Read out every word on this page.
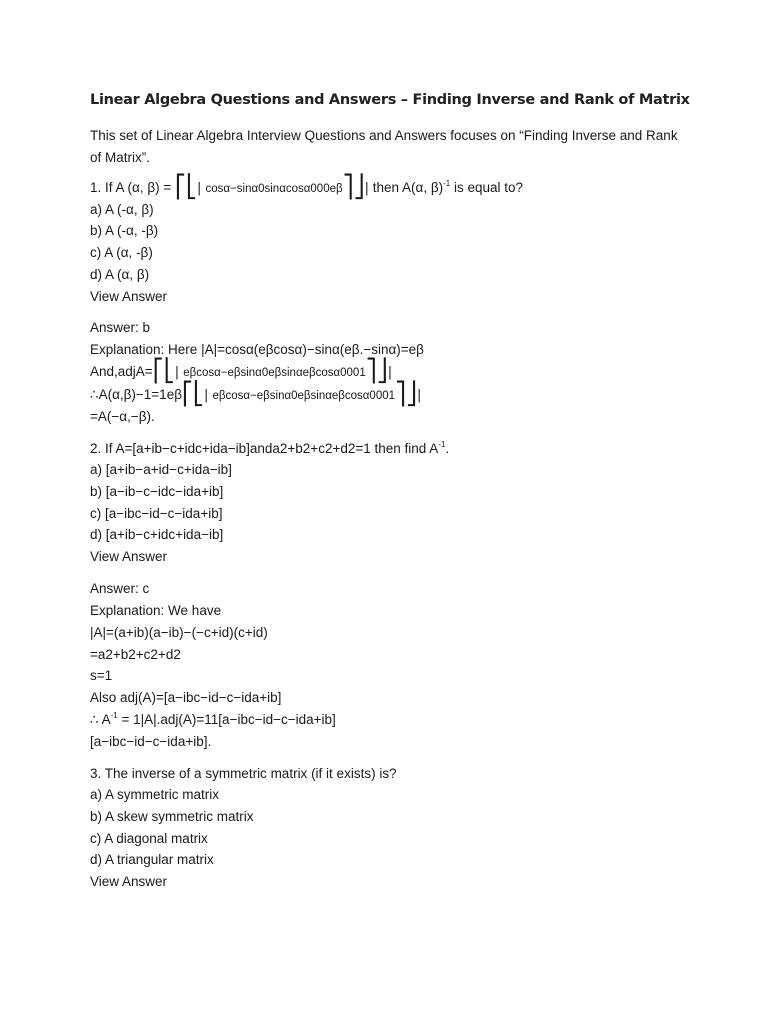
Linear Algebra Questions and Answers – Finding Inverse and Rank of Matrix

This set of Linear Algebra Interview Questions and Answers focuses on “Finding Inverse and Rank of Matrix”.

1. If A (α, β) = ⎡⎣| cosα−sinα0sinαcosα000eβ⎤⎦| then A(α, β)$^{-1}$ is equal to?

a) A (-α, β)

b) A (-α, -β)

c) A (α, -β)

d) A (α, β)

View Answer

Answer: b

Explanation: Here |A|=cosα(eβcosα)−sinα(eβ.−sinα)=eβ

And,adjA=⎡⎣| eβcosα−eβsinα0eβsinαeβcosα0001⎤⎦|

∴A(α,β)−1=1eβ⎡⎣| eβcosα−eβsinα0eβsinαeβcosα0001⎤⎦|

=A(−α,−β).

2. If A=[a+ib−c+idc+ida−ib]anda2+b2+c2+d2=1 then find $A^{-1}$.

a) [a+ib−a+id−c+ida−ib]

b) [a−ib−c−idc−ida+ib]

c) [a−ibc−id−c−ida+ib]

d) [a+ib−c+idc+ida−ib]

View Answer

Answer: c

Explanation: We have

|A|=(a+ib)(a−ib)−(−c+id)(c+id)

=a2+b2+c2+d2

s=1

Also adj(A)=[a−ibc−id−c−ida+ib]

∴ $A^{-1} = 1|A|.adj(A)=11[a-ibc-id-c-ida+ib]$

[a−ibc−id−c−ida+ib].

3. The inverse of a symmetric matrix (if it exists) is?

a) A symmetric matrix

b) A skew symmetric matrix

c) A diagonal matrix

d) A triangular matrix

View Answer
